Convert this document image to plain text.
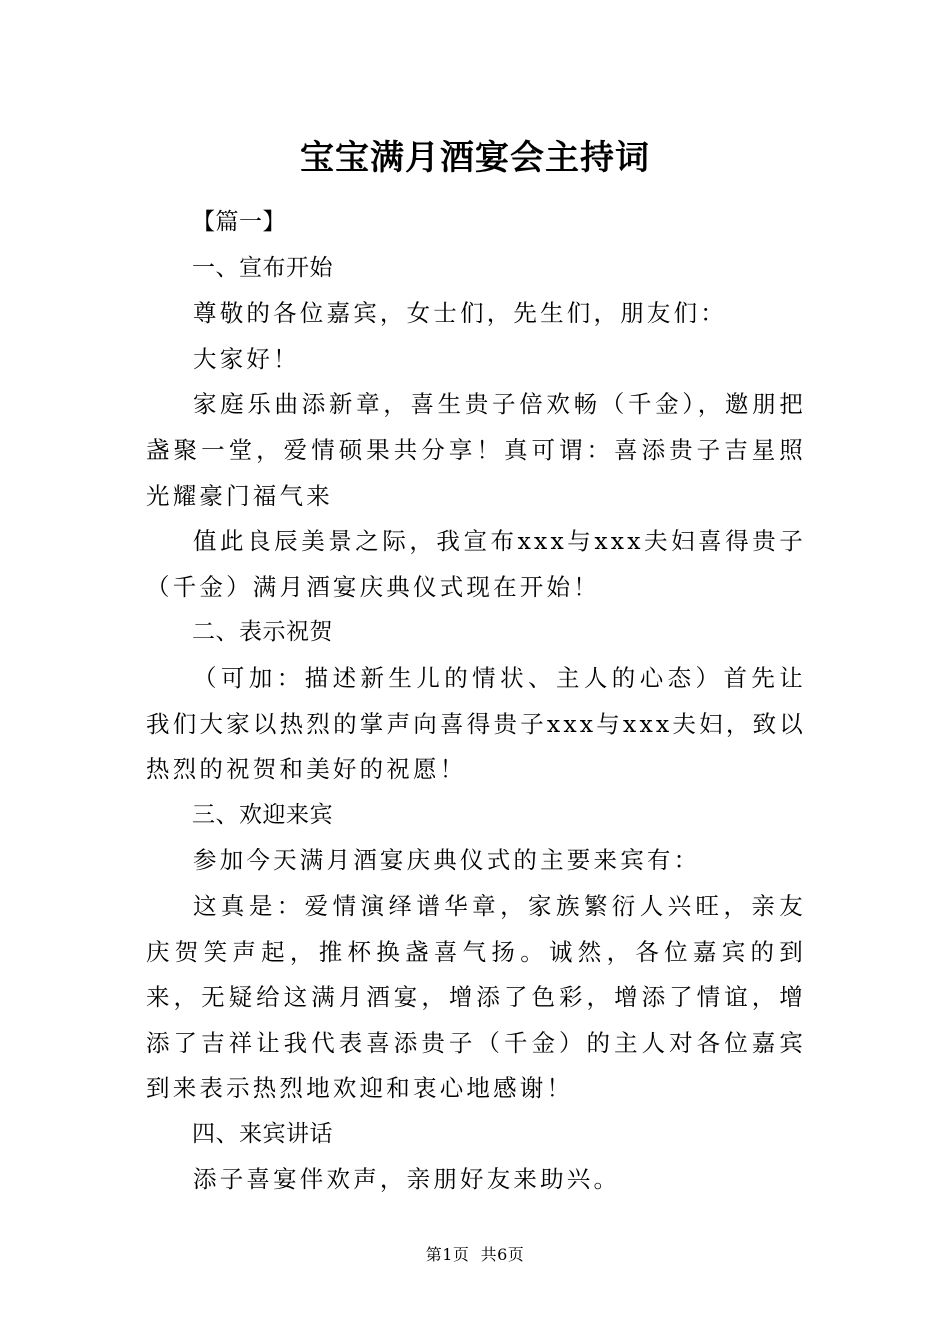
宝宝满月酒宴会主持词

【篇一】

一、宣布开始

尊敬的各位嘉宾，女士们，先生们，朋友们：

大家好！

家庭乐曲添新章，喜生贵子倍欢畅（千金），邀朋把盏聚一堂，爱情硕果共分享！真可谓：喜添贵子吉星照光耀豪门福气来

值此良辰美景之际，我宣布xxx与xxx夫妇喜得贵子（千金）满月酒宴庆典仪式现在开始！

二、表示祝贺

（可加：描述新生儿的情状、主人的心态）首先让我们大家以热烈的掌声向喜得贵子xxx与xxx夫妇，致以热烈的祝贺和美好的祝愿！

三、欢迎来宾

参加今天满月酒宴庆典仪式的主要来宾有：

这真是：爱情演绎谱华章，家族繁衍人兴旺，亲友庆贺笑声起，推杯换盏喜气扬。诚然，各位嘉宾的到来，无疑给这满月酒宴，增添了色彩，增添了情谊，增添了吉祥让我代表喜添贵子（千金）的主人对各位嘉宾到来表示热烈地欢迎和衷心地感谢！

四、来宾讲话

添子喜宴伴欢声，亲朋好友来助兴。

第1页  共6页
